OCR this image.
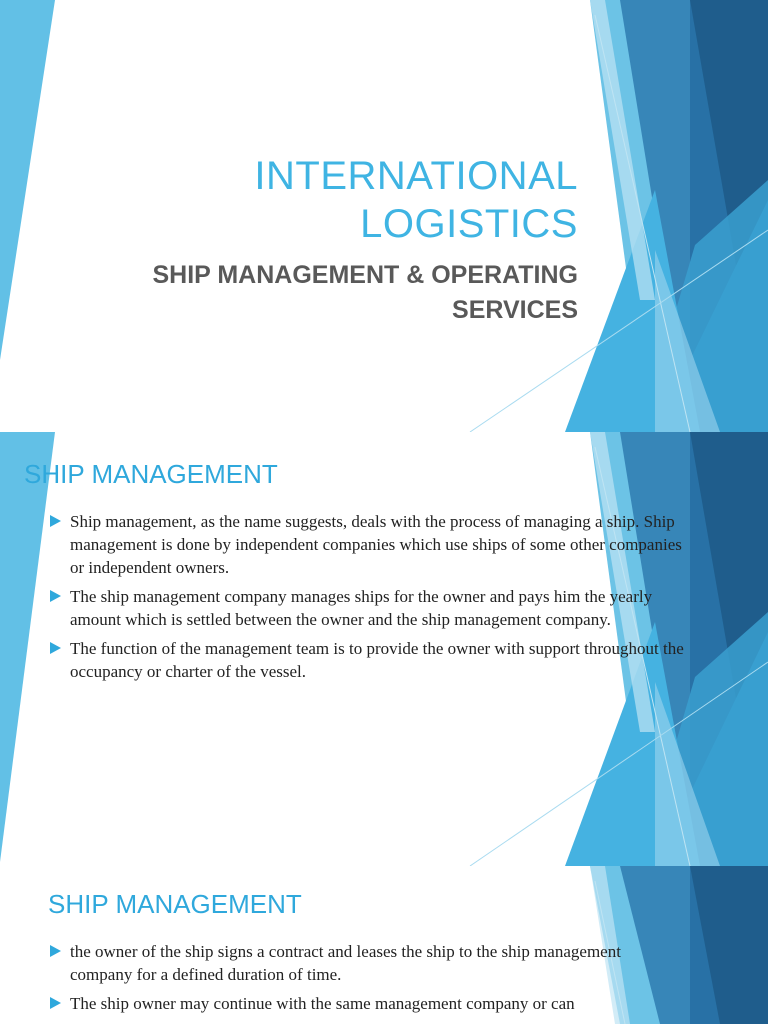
INTERNATIONAL
LOGISTICS
SHIP MANAGEMENT & OPERATING
SERVICES
SHIP MANAGEMENT
Ship management, as the name suggests, deals with the process of managing a ship. Ship management is done by independent companies which use ships of some other companies or independent owners.
The ship management company manages ships for the owner and pays him the yearly amount which is settled between the owner and the ship management company.
The function of the management team is to provide the owner with support throughout the occupancy or charter of the vessel.
SHIP MANAGEMENT
the owner of the ship signs a contract and leases the ship to the ship management company for a defined duration of time.
The ship owner may continue with the same management company or can
